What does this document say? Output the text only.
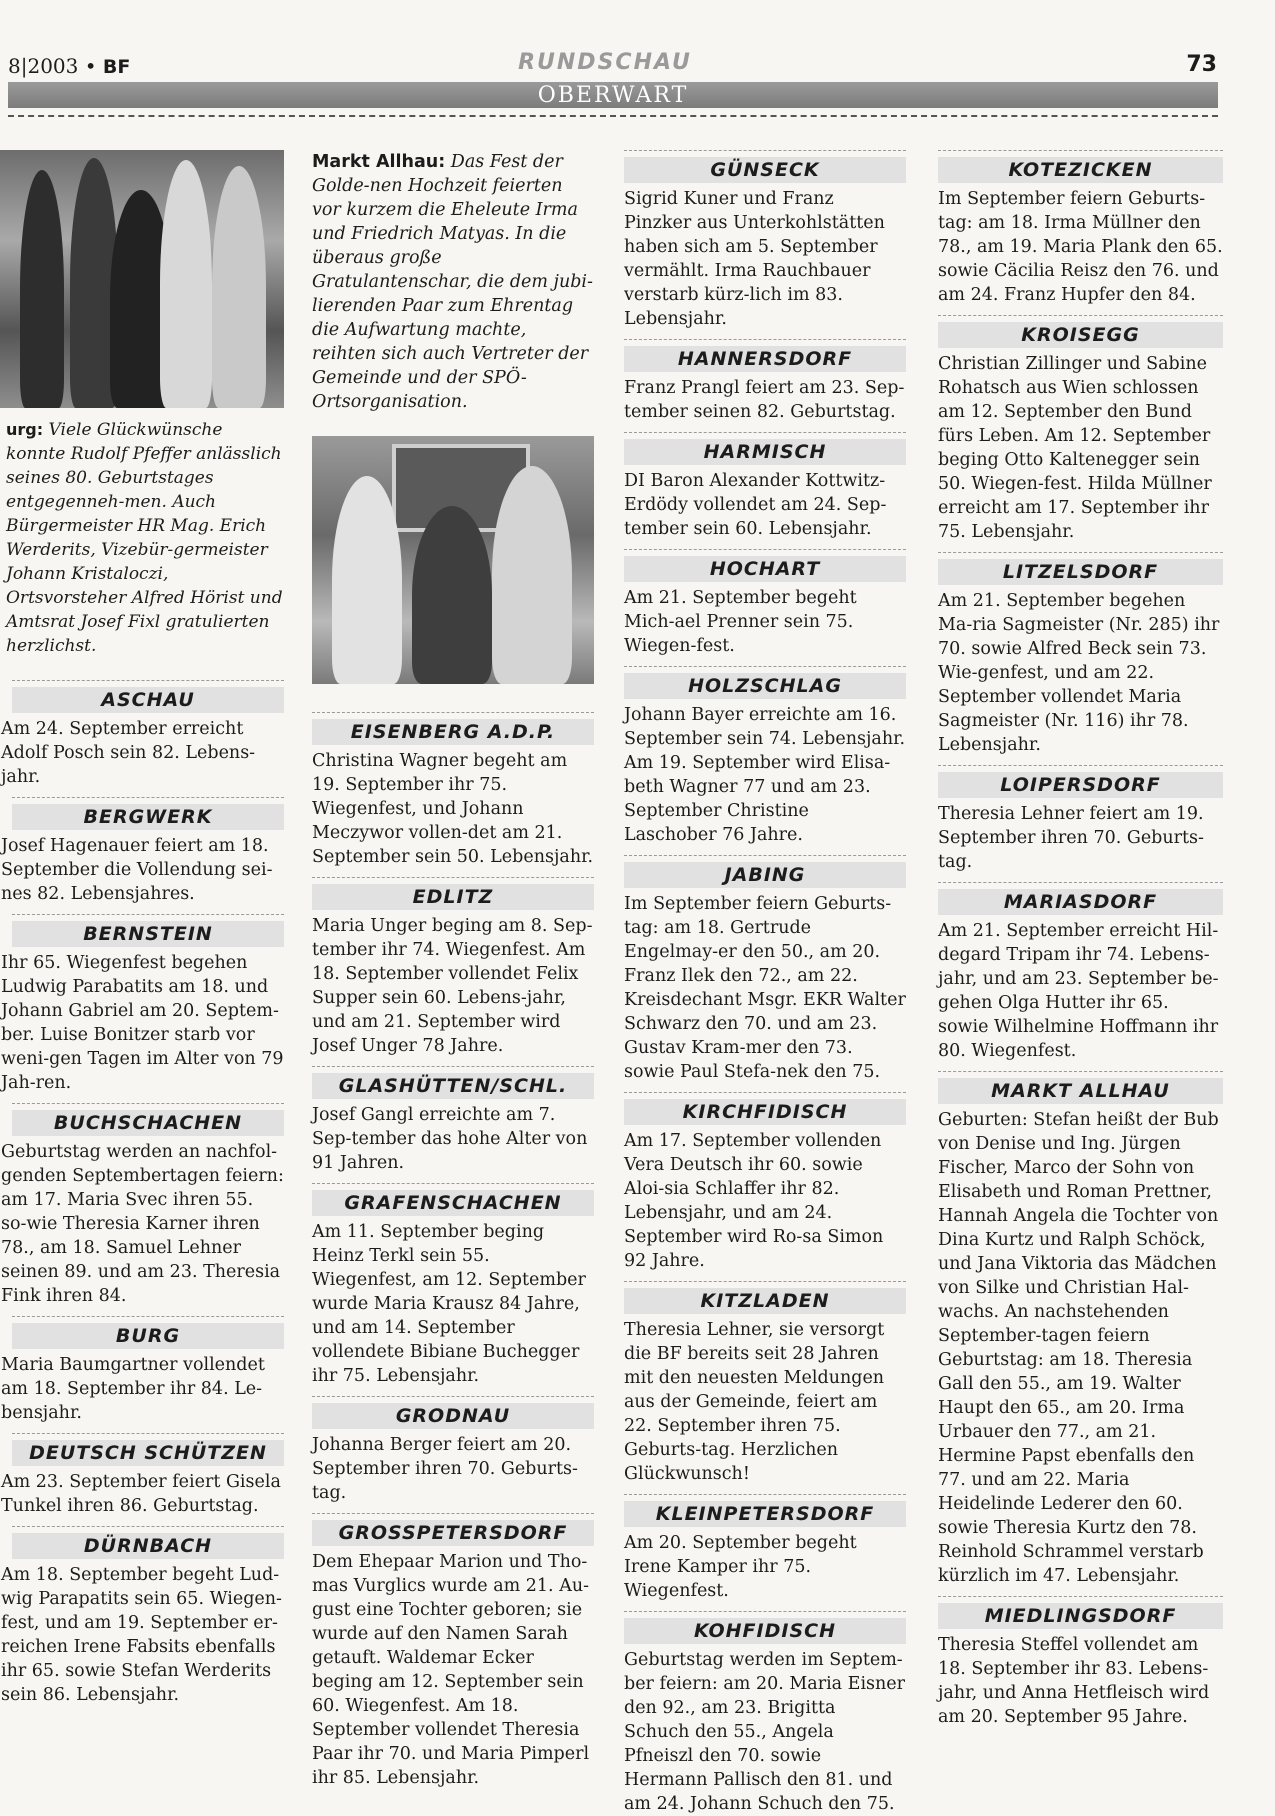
8|2003 • BF	RUNDSCHAU	73
OBERWART
urg: Viele Glückwünsche konnte Rudolf Pfeffer anlässlich seines 80. Geburtstages entgegenneh-men. Auch Bürgermeister HR Mag. Erich Werderits, Vizebür-germeister Johann Kristaloczi, Ortsvorsteher Alfred Hörist und Amtsrat Josef Fixl gratulierten herzlichst.
ASCHAU

Am 24. September erreicht Adolf Posch sein 82. Lebens-jahr.

BERGWERK

Josef Hagenauer feiert am 18. September die Vollendung sei-nes 82. Lebensjahres.

BERNSTEIN

Ihr 65. Wiegenfest begehen Ludwig Parabatits am 18. und Johann Gabriel am 20. Septem-ber. Luise Bonitzer starb vor weni-gen Tagen im Alter von 79 Jah-ren.

BUCHSCHACHEN

Geburtstag werden an nachfol-genden Septembertagen feiern: am 17. Maria Svec ihren 55. so-wie Theresia Karner ihren 78., am 18. Samuel Lehner seinen 89. und am 23. Theresia Fink ihren 84.

BURG

Maria Baumgartner vollendet am 18. September ihr 84. Le-bensjahr.

DEUTSCH SCHÜTZEN

Am 23. September feiert Gisela Tunkel ihren 86. Geburtstag.

DÜRNBACH

Am 18. September begeht Lud-wig Parapatits sein 65. Wiegen-fest, und am 19. September er-reichen Irene Fabsits ebenfalls ihr 65. sowie Stefan Werderits sein 86. Lebensjahr.

Markt Allhau: Das Fest der Golde-nen Hochzeit feierten vor kurzem die Eheleute Irma und Friedrich Matyas. In die überaus große Gratulantenschar, die dem jubi-lierenden Paar zum Ehrentag die Aufwartung machte, reihten sich auch Vertreter der Gemeinde und der SPÖ-Ortsorganisation.
EISENBERG A.D.P.

Christina Wagner begeht am 19. September ihr 75. Wiegenfest, und Johann Meczywor vollen-det am 21. September sein 50. Lebensjahr.

EDLITZ

Maria Unger beging am 8. Sep-tember ihr 74. Wiegenfest. Am 18. September vollendet Felix Supper sein 60. Lebens-jahr, und am 21. September wird Josef Unger 78 Jahre.

GLASHÜTTEN/SCHL.

Josef Gangl erreichte am 7. Sep-tember das hohe Alter von 91 Jahren.

GRAFENSCHACHEN

Am 11. September beging Heinz Terkl sein 55. Wiegenfest, am 12. September wurde Maria Krausz 84 Jahre, und am 14. September vollendete Bibiane Buchegger ihr 75. Lebensjahr.

GRODNAU

Johanna Berger feiert am 20. September ihren 70. Geburts-tag.

GROSSPETERSDORF

Dem Ehepaar Marion und Tho-mas Vurglics wurde am 21. Au-gust eine Tochter geboren; sie wurde auf den Namen Sarah getauft. Waldemar Ecker beging am 12. September sein 60. Wiegenfest. Am 18. September vollendet Theresia Paar ihr 70. und Maria Pimperl ihr 85. Lebensjahr.

GÜNSECK

Sigrid Kuner und Franz Pinzker aus Unterkohlstätten haben sich am 5. September vermählt. Irma Rauchbauer verstarb kürz-lich im 83. Lebensjahr.

HANNERSDORF

Franz Prangl feiert am 23. Sep-tember seinen 82. Geburtstag.

HARMISCH

DI Baron Alexander Kottwitz-Erdödy vollendet am 24. Sep-tember sein 60. Lebensjahr.

HOCHART

Am 21. September begeht Mich-ael Prenner sein 75. Wiegen-fest.

HOLZSCHLAG

Johann Bayer erreichte am 16. September sein 74. Lebensjahr. Am 19. September wird Elisa-beth Wagner 77 und am 23. September Christine Laschober 76 Jahre.

JABING

Im September feiern Geburts-tag: am 18. Gertrude Engelmay-er den 50., am 20. Franz Ilek den 72., am 22. Kreisdechant Msgr. EKR Walter Schwarz den 70. und am 23. Gustav Kram-mer den 73. sowie Paul Stefa-nek den 75.

KIRCHFIDISCH

Am 17. September vollenden Vera Deutsch ihr 60. sowie Aloi-sia Schlaffer ihr 82. Lebensjahr, und am 24. September wird Ro-sa Simon 92 Jahre.

KITZLADEN

Theresia Lehner, sie versorgt die BF bereits seit 28 Jahren mit den neuesten Meldungen aus der Gemeinde, feiert am 22. September ihren 75. Geburts-tag. Herzlichen Glückwunsch!

KLEINPETERSDORF

Am 20. September begeht Irene Kamper ihr 75. Wiegenfest.

KOHFIDISCH

Geburtstag werden im Septem-ber feiern: am 20. Maria Eisner den 92., am 23. Brigitta Schuch den 55., Angela Pfneiszl den 70. sowie Hermann Pallisch den 81. und am 24. Johann Schuch den 75.

KOTEZICKEN

Im September feiern Geburts-tag: am 18. Irma Müllner den 78., am 19. Maria Plank den 65. sowie Cäcilia Reisz den 76. und am 24. Franz Hupfer den 84.

KROISEGG

Christian Zillinger und Sabine Rohatsch aus Wien schlossen am 12. September den Bund fürs Leben. Am 12. September beging Otto Kaltenegger sein 50. Wiegen-fest. Hilda Müllner erreicht am 17. September ihr 75. Lebensjahr.

LITZELSDORF

Am 21. September begehen Ma-ria Sagmeister (Nr. 285) ihr 70. sowie Alfred Beck sein 73. Wie-genfest, und am 22. September vollendet Maria Sagmeister (Nr. 116) ihr 78. Lebensjahr.

LOIPERSDORF

Theresia Lehner feiert am 19. September ihren 70. Geburts-tag.

MARIASDORF

Am 21. September erreicht Hil-degard Tripam ihr 74. Lebens-jahr, und am 23. September be-gehen Olga Hutter ihr 65. sowie Wilhelmine Hoffmann ihr 80. Wiegenfest.

MARKT ALLHAU

Geburten: Stefan heißt der Bub von Denise und Ing. Jürgen Fischer, Marco der Sohn von Elisabeth und Roman Prettner, Hannah Angela die Tochter von Dina Kurtz und Ralph Schöck, und Jana Viktoria das Mädchen von Silke und Christian Hal-wachs. An nachstehenden September-tagen feiern Geburtstag: am 18. Theresia Gall den 55., am 19. Walter Haupt den 65., am 20. Irma Urbauer den 77., am 21. Hermine Papst ebenfalls den 77. und am 22. Maria Heidelinde Lederer den 60. sowie Theresia Kurtz den 78. Reinhold Schrammel verstarb kürzlich im 47. Lebensjahr.

MIEDLINGSDORF

Theresia Steffel vollendet am 18. September ihr 83. Lebens-jahr, und Anna Hetfleisch wird am 20. September 95 Jahre.
